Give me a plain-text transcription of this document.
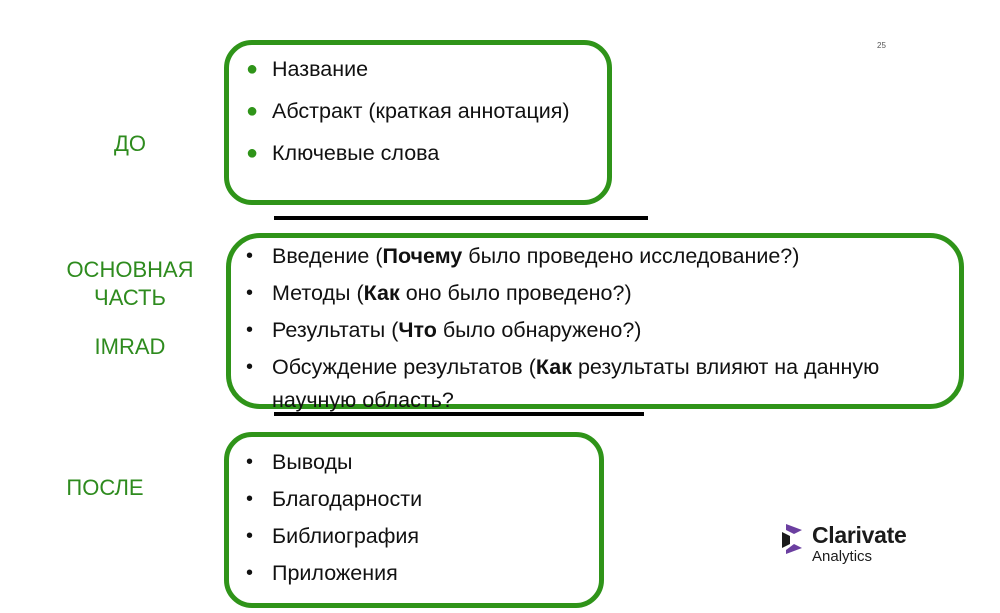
25
ДО
ОСНОВНАЯ
ЧАСТЬ
IMRAD
ПОСЛЕ
● Название
● Абстракт (краткая аннотация)
● Ключевые слова
• Введение (Почему было проведено исследование?)
• Методы (Как оно было проведено?)
• Результаты (Что было обнаружено?)
• Обсуждение результатов (Как результаты влияют на данную научную область?
• Выводы
• Благодарности
• Библиография
• Приложения
Clarivate
Analytics
